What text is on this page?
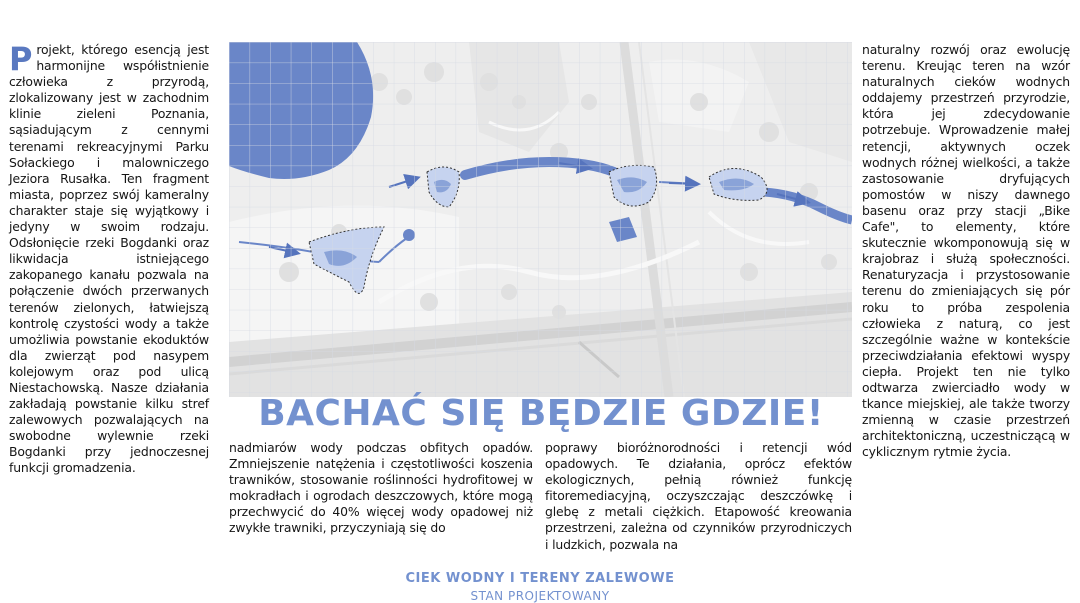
Projekt, którego esencją jest harmonijne współistnienie człowieka z przyrodą, zlokalizowany jest w zachodnim klinie zieleni Poznania, sąsiadującym z cennymi terenami rekreacyjnymi Parku Sołackiego i malowniczego Jeziora Rusałka. Ten fragment miasta, poprzez swój kameralny charakter staje się wyjątkowy i jedyny w swoim rodzaju. Odsłonięcie rzeki Bogdanki oraz likwidacja istniejącego zakopanego kanału pozwala na połączenie dwóch przerwanych terenów zielonych, łatwiejszą kontrolę czystości wody a także umożliwia powstanie ekoduktów dla zwierząt pod nasypem kolejowym oraz pod ulicą Niestachowską. Nasze działania zakładają powstanie kilku stref zalewowych pozwalających na swobodne wylewnie rzeki Bogdanki przy jednoczesnej funkcji gromadzenia.
BACHAĆ SIĘ BĘDZIE GDZIE!
nadmiarów wody podczas obfitych opadów. Zmniejszenie natężenia i częstotliwości koszenia trawników, stosowanie roślinności hydrofitowej w mokradłach i ogrodach deszczowych, które mogą przechwycić do 40% więcej wody opadowej niż zwykłe trawniki, przyczyniają się do
poprawy bioróżnorodności i retencji wód opadowych. Te działania, oprócz efektów ekologicznych, pełnią również funkcję fitoremediacyjną, oczyszczając deszczówkę i glebę z metali ciężkich. Etapowość kreowania przestrzeni, zależna od czynników przyrodniczych i ludzkich, pozwala na
naturalny rozwój oraz ewolucję terenu. Kreując teren na wzór naturalnych cieków wodnych oddajemy przestrzeń przyrodzie, która jej zdecydowanie potrzebuje. Wprowadzenie małej retencji, aktywnych oczek wodnych różnej wielkości, a także zastosowanie dryfujących pomostów w niszy dawnego basenu oraz przy stacji „Bike Cafe", to elementy, które skutecznie wkomponowują się w krajobraz i służą społeczności. Renaturyzacja i przystosowanie terenu do zmieniających się pór roku to próba zespolenia człowieka z naturą, co jest szczególnie ważne w kontekście przeciwdziałania efektowi wyspy ciepła. Projekt ten nie tylko odtwarza zwierciadło wody w tkance miejskiej, ale także tworzy zmienną w czasie przestrzeń architektoniczną, uczestniczącą w cyklicznym rytmie życia.
CIEK WODNY I TERENY ZALEWOWE
STAN PROJEKTOWANY
